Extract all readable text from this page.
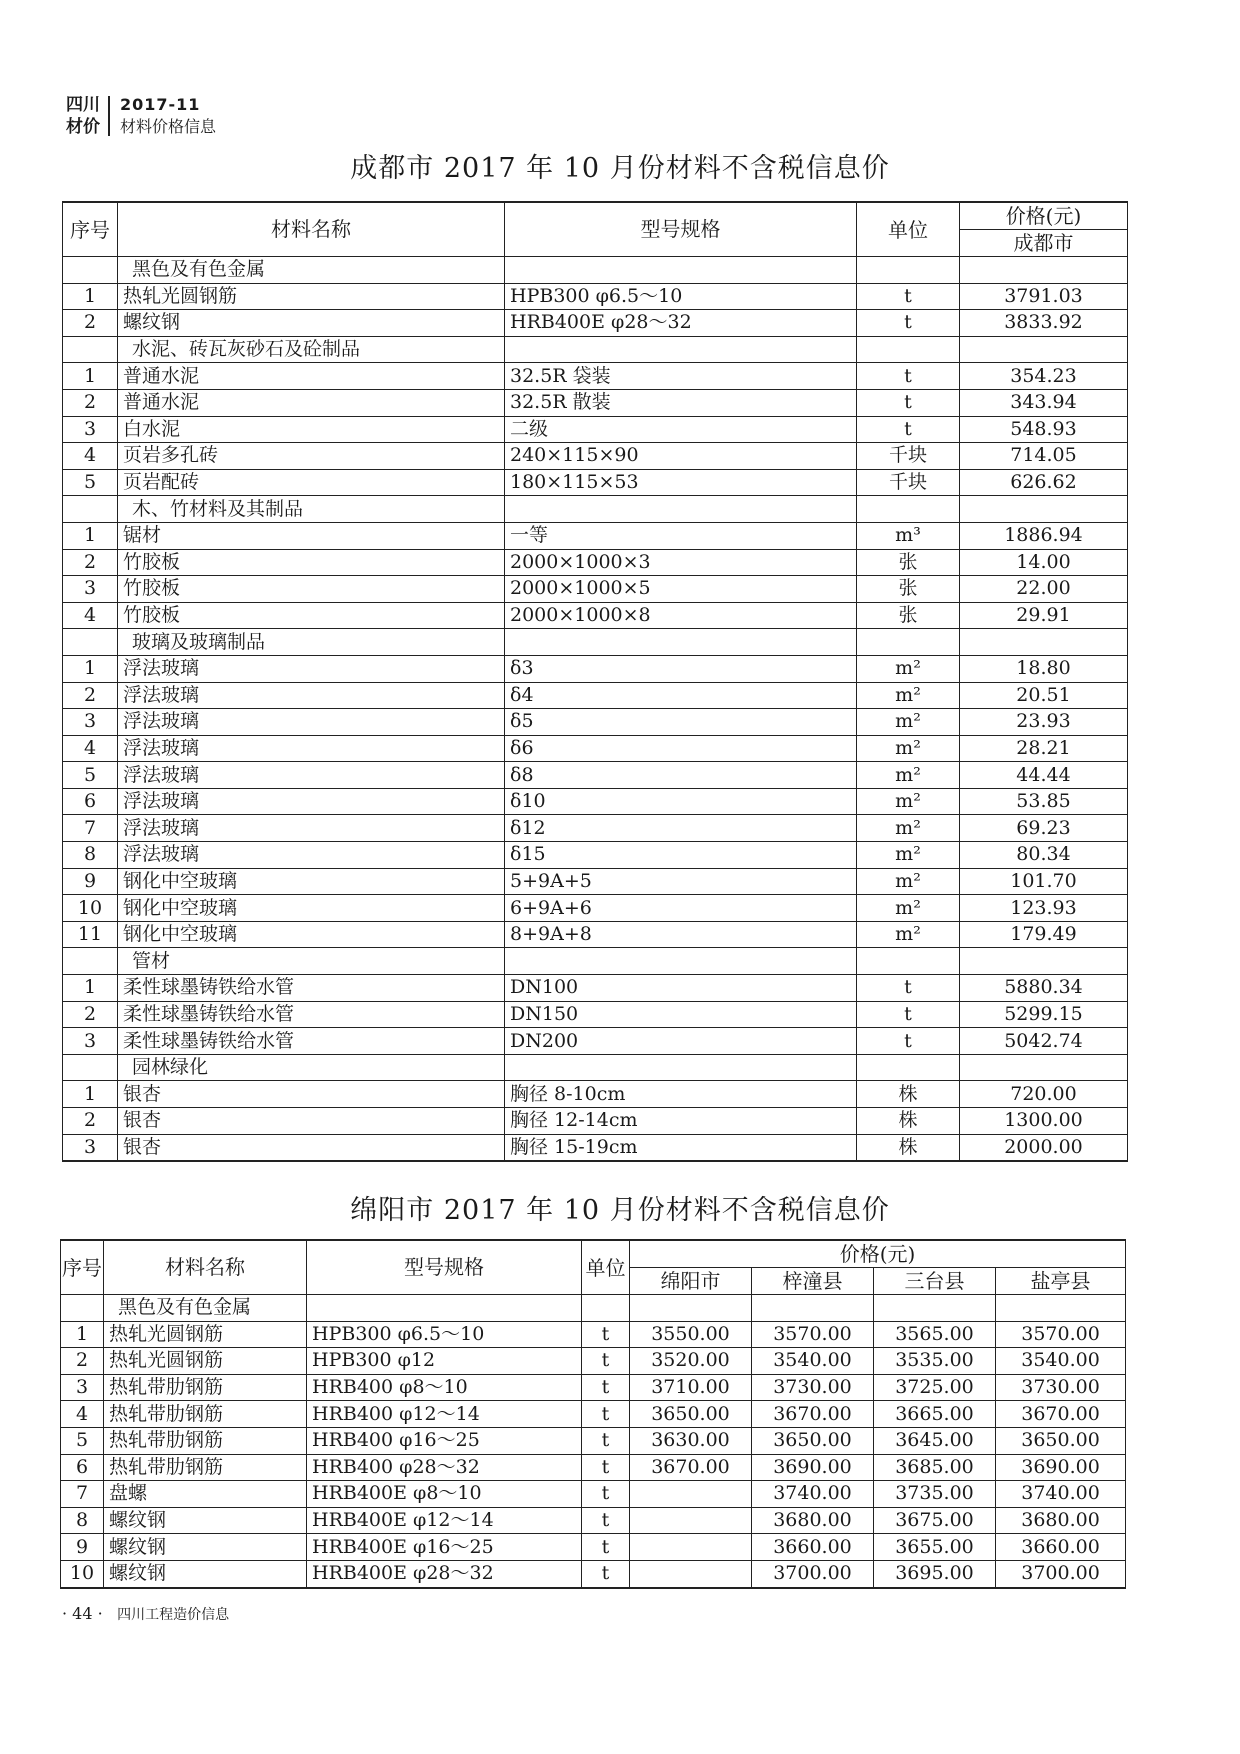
四川
材价
2017-11
材料价格信息
成都市 2017 年 10 月份材料不含税信息价
序号	材料名称	型号规格	单位	价格(元)
				成都市
	黑色及有色金属			
1	热轧光圆钢筋	HPB300 φ6.5～10	t	3791.03
2	螺纹钢	HRB400E φ28～32	t	3833.92
	水泥、砖瓦灰砂石及砼制品			
1	普通水泥	32.5R 袋装	t	354.23
2	普通水泥	32.5R 散装	t	343.94
3	白水泥	二级	t	548.93
4	页岩多孔砖	240×115×90	千块	714.05
5	页岩配砖	180×115×53	千块	626.62
	木、竹材料及其制品			
1	锯材	一等	m³	1886.94
2	竹胶板	2000×1000×3	张	14.00
3	竹胶板	2000×1000×5	张	22.00
4	竹胶板	2000×1000×8	张	29.91
	玻璃及玻璃制品			
1	浮法玻璃	δ3	m²	18.80
2	浮法玻璃	δ4	m²	20.51
3	浮法玻璃	δ5	m²	23.93
4	浮法玻璃	δ6	m²	28.21
5	浮法玻璃	δ8	m²	44.44
6	浮法玻璃	δ10	m²	53.85
7	浮法玻璃	δ12	m²	69.23
8	浮法玻璃	δ15	m²	80.34
9	钢化中空玻璃	5+9A+5	m²	101.70
10	钢化中空玻璃	6+9A+6	m²	123.93
11	钢化中空玻璃	8+9A+8	m²	179.49
	管材			
1	柔性球墨铸铁给水管	DN100	t	5880.34
2	柔性球墨铸铁给水管	DN150	t	5299.15
3	柔性球墨铸铁给水管	DN200	t	5042.74
	园林绿化			
1	银杏	胸径 8-10cm	株	720.00
2	银杏	胸径 12-14cm	株	1300.00
3	银杏	胸径 15-19cm	株	2000.00
绵阳市 2017 年 10 月份材料不含税信息价
序号	材料名称	型号规格	单位	价格(元)			
				绵阳市	梓潼县	三台县	盐亭县
	黑色及有色金属						
1	热轧光圆钢筋	HPB300 φ6.5～10	t	3550.00	3570.00	3565.00	3570.00
2	热轧光圆钢筋	HPB300 φ12	t	3520.00	3540.00	3535.00	3540.00
3	热轧带肋钢筋	HRB400 φ8～10	t	3710.00	3730.00	3725.00	3730.00
4	热轧带肋钢筋	HRB400 φ12～14	t	3650.00	3670.00	3665.00	3670.00
5	热轧带肋钢筋	HRB400 φ16～25	t	3630.00	3650.00	3645.00	3650.00
6	热轧带肋钢筋	HRB400 φ28～32	t	3670.00	3690.00	3685.00	3690.00
7	盘螺	HRB400E φ8～10	t		3740.00	3735.00	3740.00
8	螺纹钢	HRB400E φ12～14	t		3680.00	3675.00	3680.00
9	螺纹钢	HRB400E φ16～25	t		3660.00	3655.00	3660.00
10	螺纹钢	HRB400E φ28～32	t		3700.00	3695.00	3700.00
· 44 · 四川工程造价信息
